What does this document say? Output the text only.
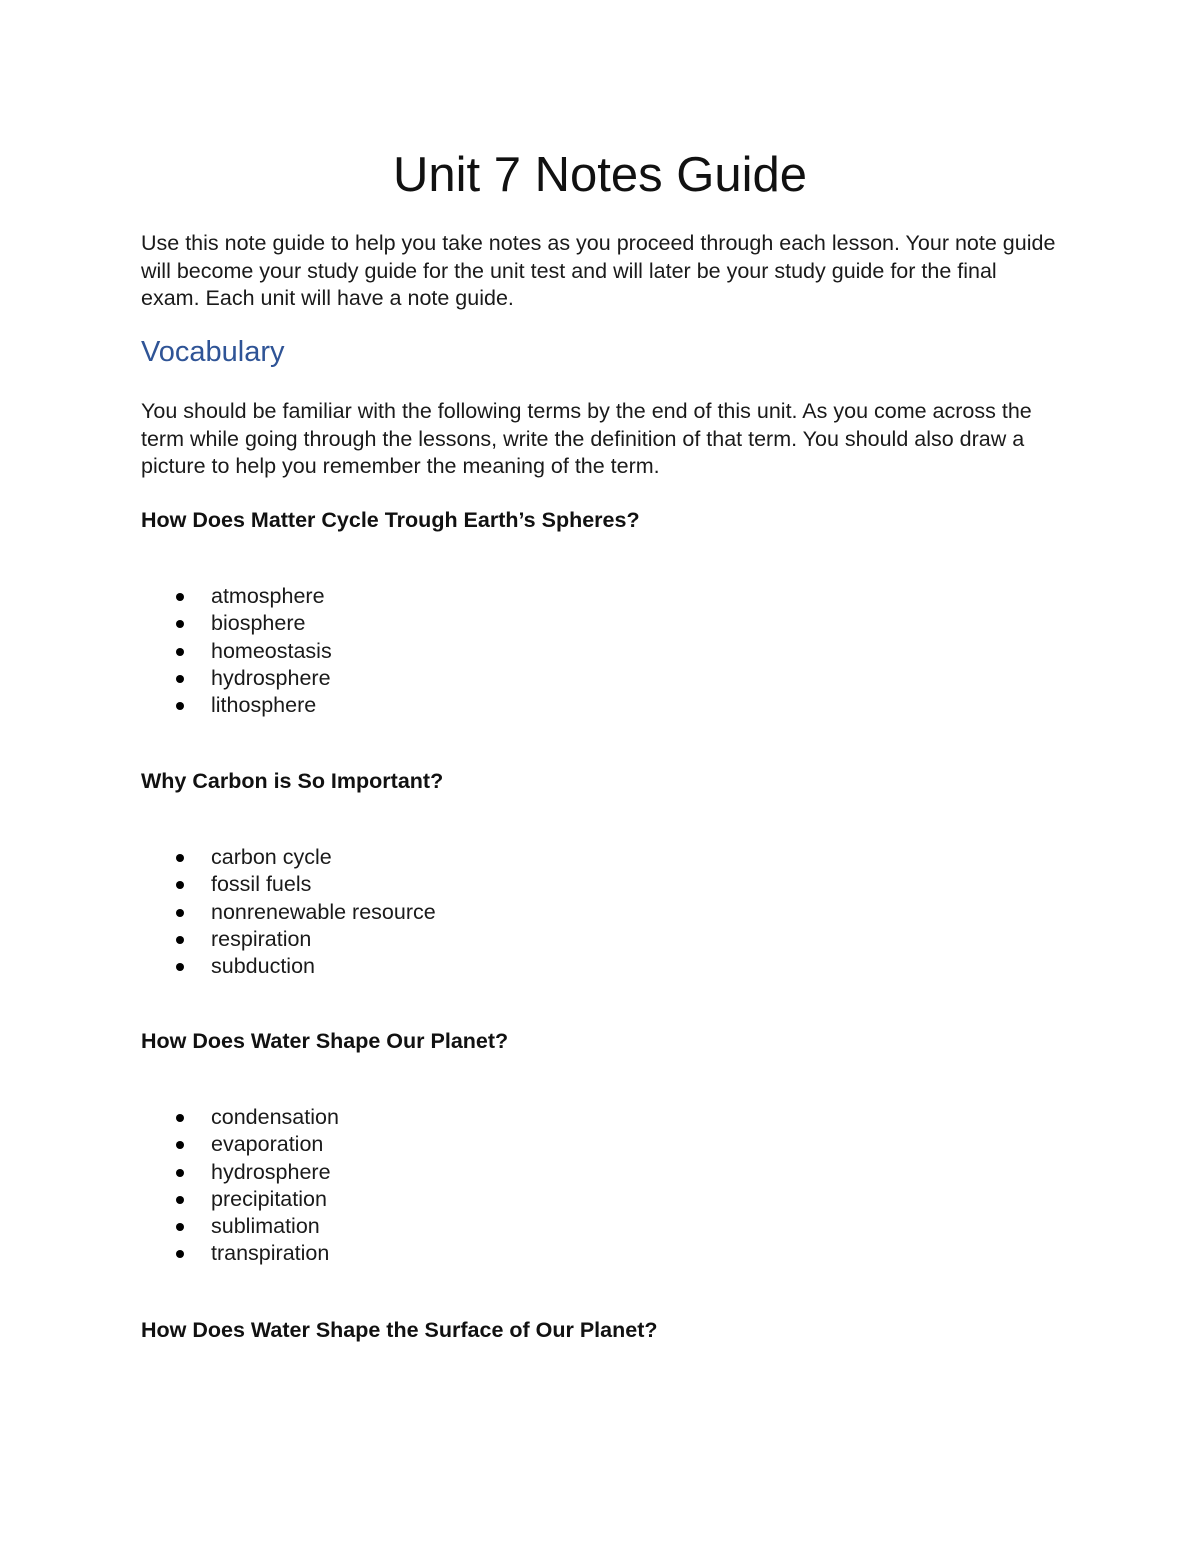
Unit 7 Notes Guide

Use this note guide to help you take notes as you proceed through each lesson. Your note guide will become your study guide for the unit test and will later be your study guide for the final exam. Each unit will have a note guide.

Vocabulary

You should be familiar with the following terms by the end of this unit. As you come across the term while going through the lessons, write the definition of that term. You should also draw a picture to help you remember the meaning of the term.

How Does Matter Cycle Trough Earth’s Spheres?
atmosphere
biosphere
homeostasis
hydrosphere
lithosphere
Why Carbon is So Important?
carbon cycle
fossil fuels
nonrenewable resource
respiration
subduction
How Does Water Shape Our Planet?
condensation
evaporation
hydrosphere
precipitation
sublimation
transpiration
How Does Water Shape the Surface of Our Planet?
